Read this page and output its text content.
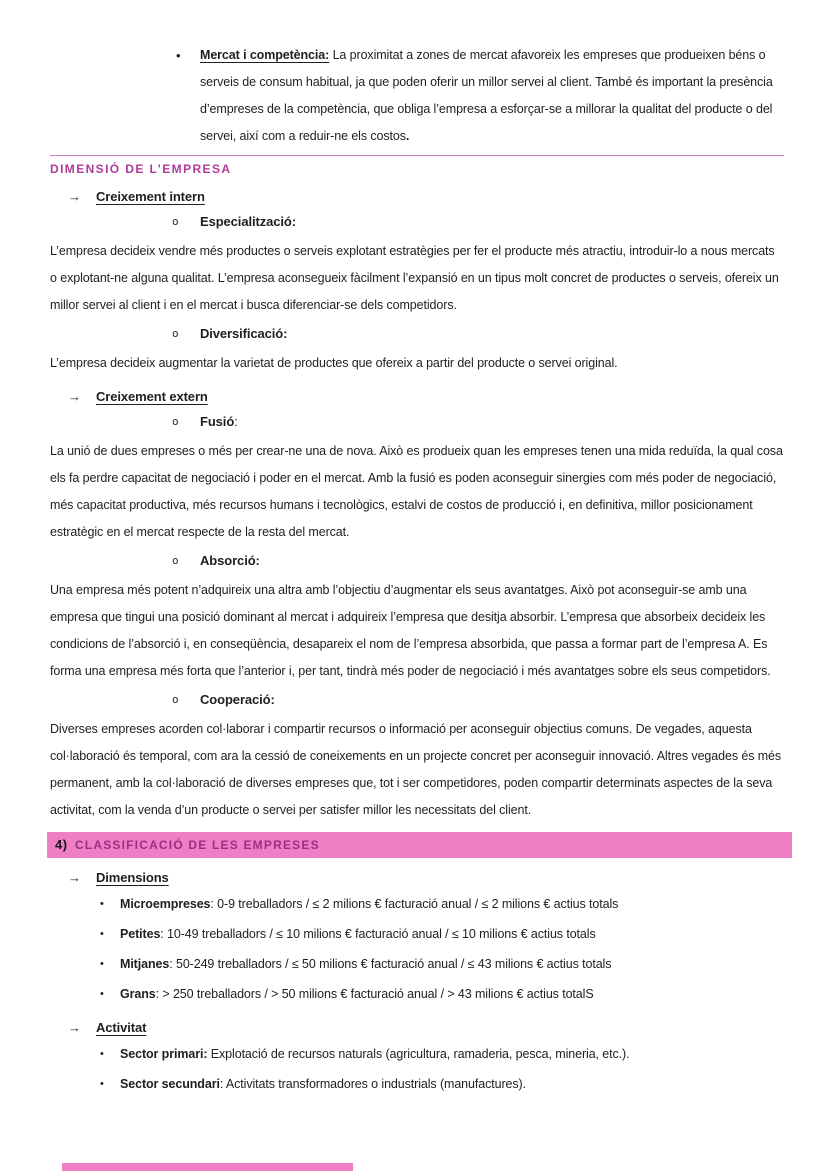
•	Mercat i competència: La proximitat a zones de mercat afavoreix les empreses que produeixen béns o serveis de consum habitual, ja que poden oferir un millor servei al client. També és important la presència d’empreses de la competència, que obliga l’empresa a esforçar-se a millorar la qualitat del producte o del servei, així com a reduir-ne els costos.
DIMENSIÓ DE L’EMPRESA
→	Creixement intern
o	Especialització:

L’empresa decideix vendre més productes o serveis explotant estratègies per fer el producte més atractiu, introduir-lo a nous mercats o explotant-ne alguna qualitat. L’empresa aconsegueix fàcilment l’expansió en un tipus molt concret de productes o serveis, ofereix un millor servei al client i en el mercat i busca diferenciar-se dels competidors.

o	Diversificació:

L’empresa decideix augmentar la varietat de productes que ofereix a partir del producte o servei original.

→	Creixement extern
o	Fusió:

La unió de dues empreses o més per crear-ne una de nova. Això es produeix quan les empreses tenen una mida reduïda, la qual cosa els fa perdre capacitat de negociació i poder en el mercat. Amb la fusió es poden aconseguir sinergies com més poder de negociació, més capacitat productiva, més recursos humans i tecnològics, estalvi de costos de producció i, en definitiva, millor posicionament estratègic en el mercat respecte de la resta del mercat.

o	Absorció:

Una empresa més potent n’adquireix una altra amb l’objectiu d’augmentar els seus avantatges. Això pot aconseguir-se amb una empresa que tingui una posició dominant al mercat i adquireix l’empresa que desitja absorbir. L’empresa que absorbeix decideix les condicions de l’absorció i, en conseqüència, desapareix el nom de l’empresa absorbida, que passa a formar part de l’empresa A. Es forma una empresa més forta que l’anterior i, per tant, tindrà més poder de negociació i més avantatges sobre els seus competidors.

o	Cooperació:

Diverses empreses acorden col·laborar i compartir recursos o informació per aconseguir objectius comuns. De vegades, aquesta col·laboració és temporal, com ara la cessió de coneixements en un projecte concret per aconseguir innovació. Altres vegades és més permanent, amb la col·laboració de diverses empreses que, tot i ser competidores, poden compartir determinats aspectes de la seva activitat, com la venda d’un producte o servei per satisfer millor les necessitats del client.

4) CLASSIFICACIÓ DE LES EMPRESES
→	Dimensions
•	Microempreses: 0-9 treballadors / ≤ 2 milions € facturació anual / ≤ 2 milions € actius totals
•	Petites: 10-49 treballadors / ≤ 10 milions € facturació anual / ≤ 10 milions € actius totals
•	Mitjanes: 50-249 treballadors / ≤ 50 milions € facturació anual / ≤ 43 milions € actius totals
•	Grans: > 250 treballadors / > 50 milions € facturació anual / > 43 milions € actius totalS
→	Activitat
•	Sector primari: Explotació de recursos naturals (agricultura, ramaderia, pesca, mineria, etc.).
•	Sector secundari: Activitats transformadores o industrials (manufactures).
